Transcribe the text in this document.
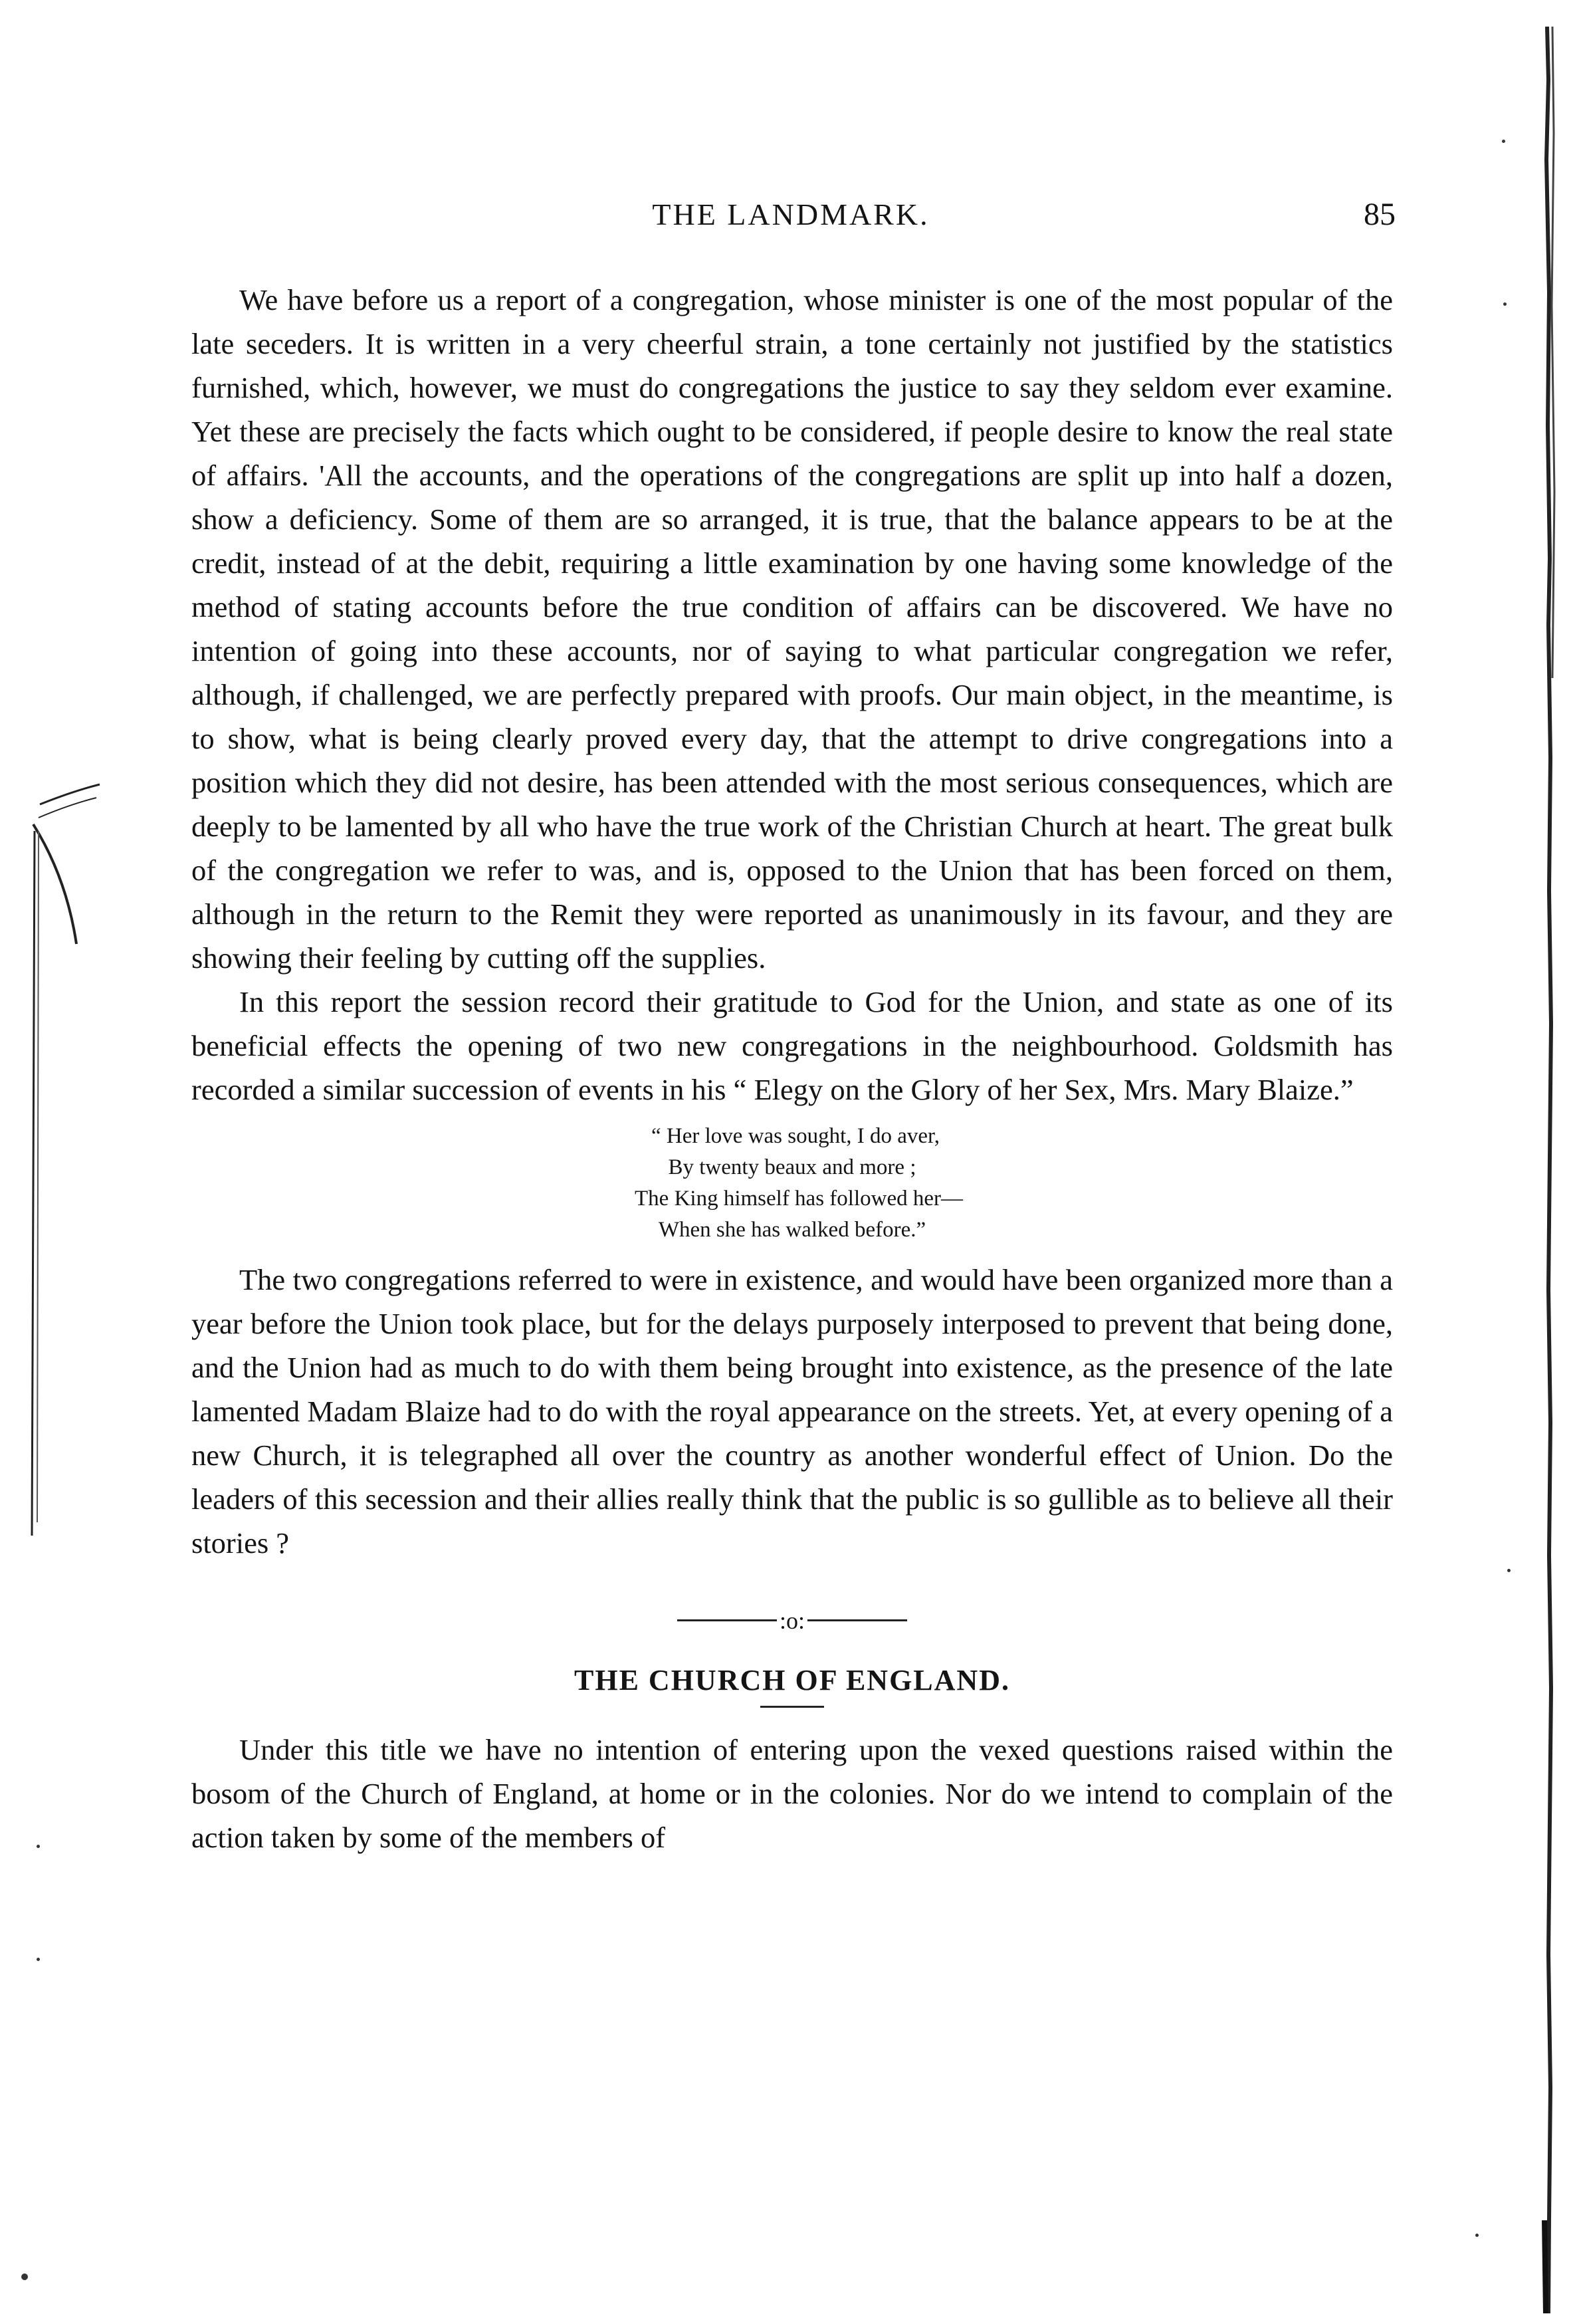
THE LANDMARK.	85

We have before us a report of a congregation, whose minister is one of the most popular of the late seceders. It is written in a very cheerful strain, a tone certainly not justified by the statistics furnished, which, however, we must do congregations the justice to say they seldom ever examine. Yet these are precisely the facts which ought to be considered, if people desire to know the real state of affairs. 'All the accounts, and the operations of the congregations are split up into half a dozen, show a deficiency. Some of them are so arranged, it is true, that the balance appears to be at the credit, instead of at the debit, requiring a little examination by one having some knowledge of the method of stating accounts before the true condition of affairs can be discovered. We have no intention of going into these accounts, nor of saying to what particular congregation we refer, although, if challenged, we are perfectly prepared with proofs. Our main object, in the meantime, is to show, what is being clearly proved every day, that the attempt to drive congregations into a position which they did not desire, has been attended with the most serious consequences, which are deeply to be lamented by all who have the true work of the Christian Church at heart. The great bulk of the congregation we refer to was, and is, opposed to the Union that has been forced on them, although in the return to the Remit they were reported as unanimously in its favour, and they are showing their feeling by cutting off the supplies.

In this report the session record their gratitude to God for the Union, and state as one of its beneficial effects the opening of two new congregations in the neighbourhood. Goldsmith has recorded a similar succession of events in his “ Elegy on the Glory of her Sex, Mrs. Mary Blaize.”

“ Her love was sought, I do aver,
By twenty beaux and more ;
The King himself has followed her—
When she has walked before.”

The two congregations referred to were in existence, and would have been organized more than a year before the Union took place, but for the delays purposely interposed to prevent that being done, and the Union had as much to do with them being brought into existence, as the presence of the late lamented Madam Blaize had to do with the royal appearance on the streets. Yet, at every opening of a new Church, it is telegraphed all over the country as another wonderful effect of Union. Do the leaders of this secession and their allies really think that the public is so gullible as to believe all their stories ?

:o:
THE CHURCH OF ENGLAND.

Under this title we have no intention of entering upon the vexed questions raised within the bosom of the Church of England, at home or in the colonies. Nor do we intend to complain of the action taken by some of the members of
